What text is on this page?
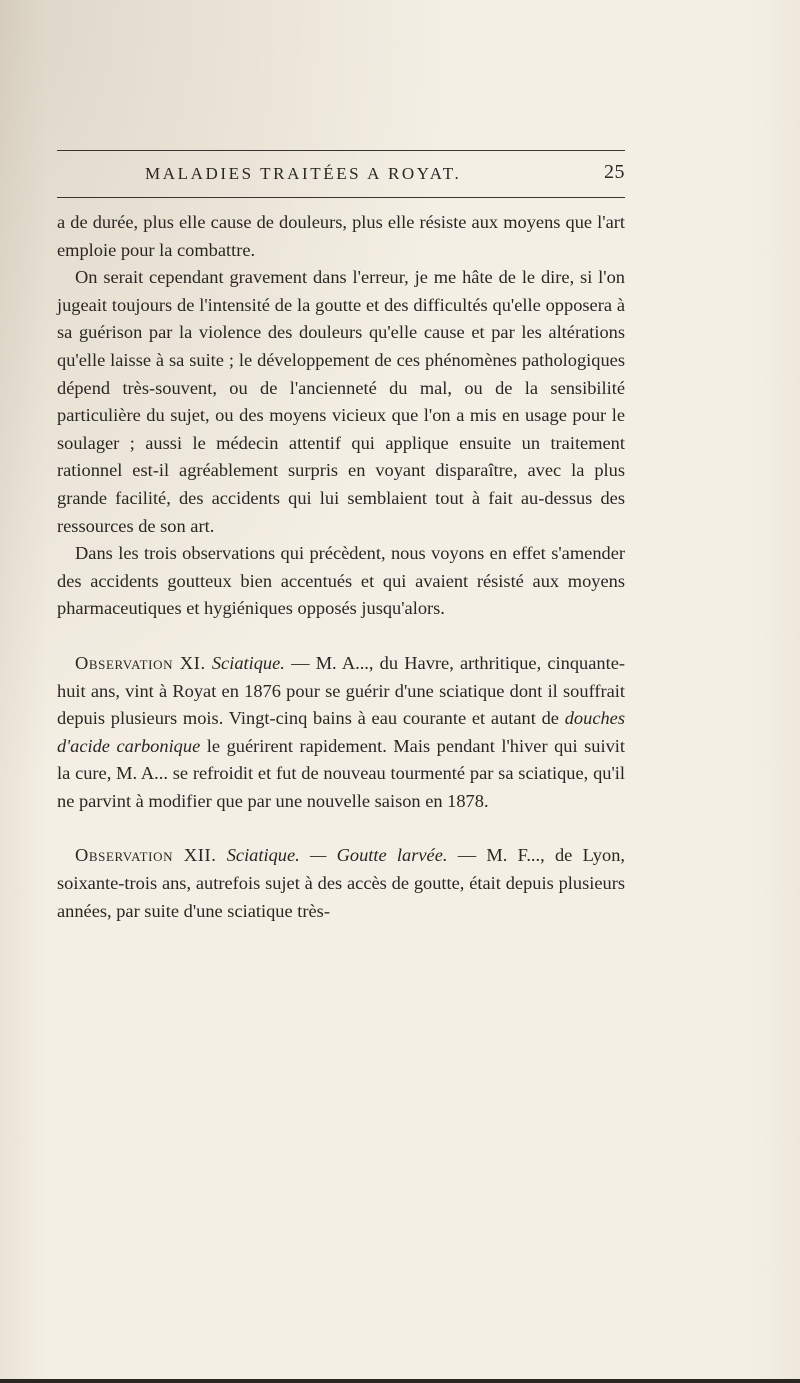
MALADIES TRAITÉES A ROYAT.	25

a de durée, plus elle cause de douleurs, plus elle résiste aux moyens que l'art emploie pour la combattre.

On serait cependant gravement dans l'erreur, je me hâte de le dire, si l'on jugeait toujours de l'intensité de la goutte et des difficultés qu'elle opposera à sa guérison par la violence des douleurs qu'elle cause et par les altérations qu'elle laisse à sa suite ; le développement de ces phénomènes pathologiques dépend très-souvent, ou de l'ancienneté du mal, ou de la sensibilité particulière du sujet, ou des moyens vicieux que l'on a mis en usage pour le soulager ; aussi le médecin attentif qui applique ensuite un traitement rationnel est-il agréablement surpris en voyant disparaître, avec la plus grande facilité, des accidents qui lui semblaient tout à fait au-dessus des ressources de son art.

Dans les trois observations qui précèdent, nous voyons en effet s'amender des accidents goutteux bien accentués et qui avaient résisté aux moyens pharmaceutiques et hygiéniques opposés jusqu'alors.

Observation XI. Sciatique. — M. A..., du Havre, arthritique, cinquante-huit ans, vint à Royat en 1876 pour se guérir d'une sciatique dont il souffrait depuis plusieurs mois. Vingt-cinq bains à eau courante et autant de douches d'acide carbonique le guérirent rapidement. Mais pendant l'hiver qui suivit la cure, M. A... se refroidit et fut de nouveau tourmenté par sa sciatique, qu'il ne parvint à modifier que par une nouvelle saison en 1878.

Observation XII. Sciatique. — Goutte larvée. — M. F..., de Lyon, soixante-trois ans, autrefois sujet à des accès de goutte, était depuis plusieurs années, par suite d'une sciatique très-
